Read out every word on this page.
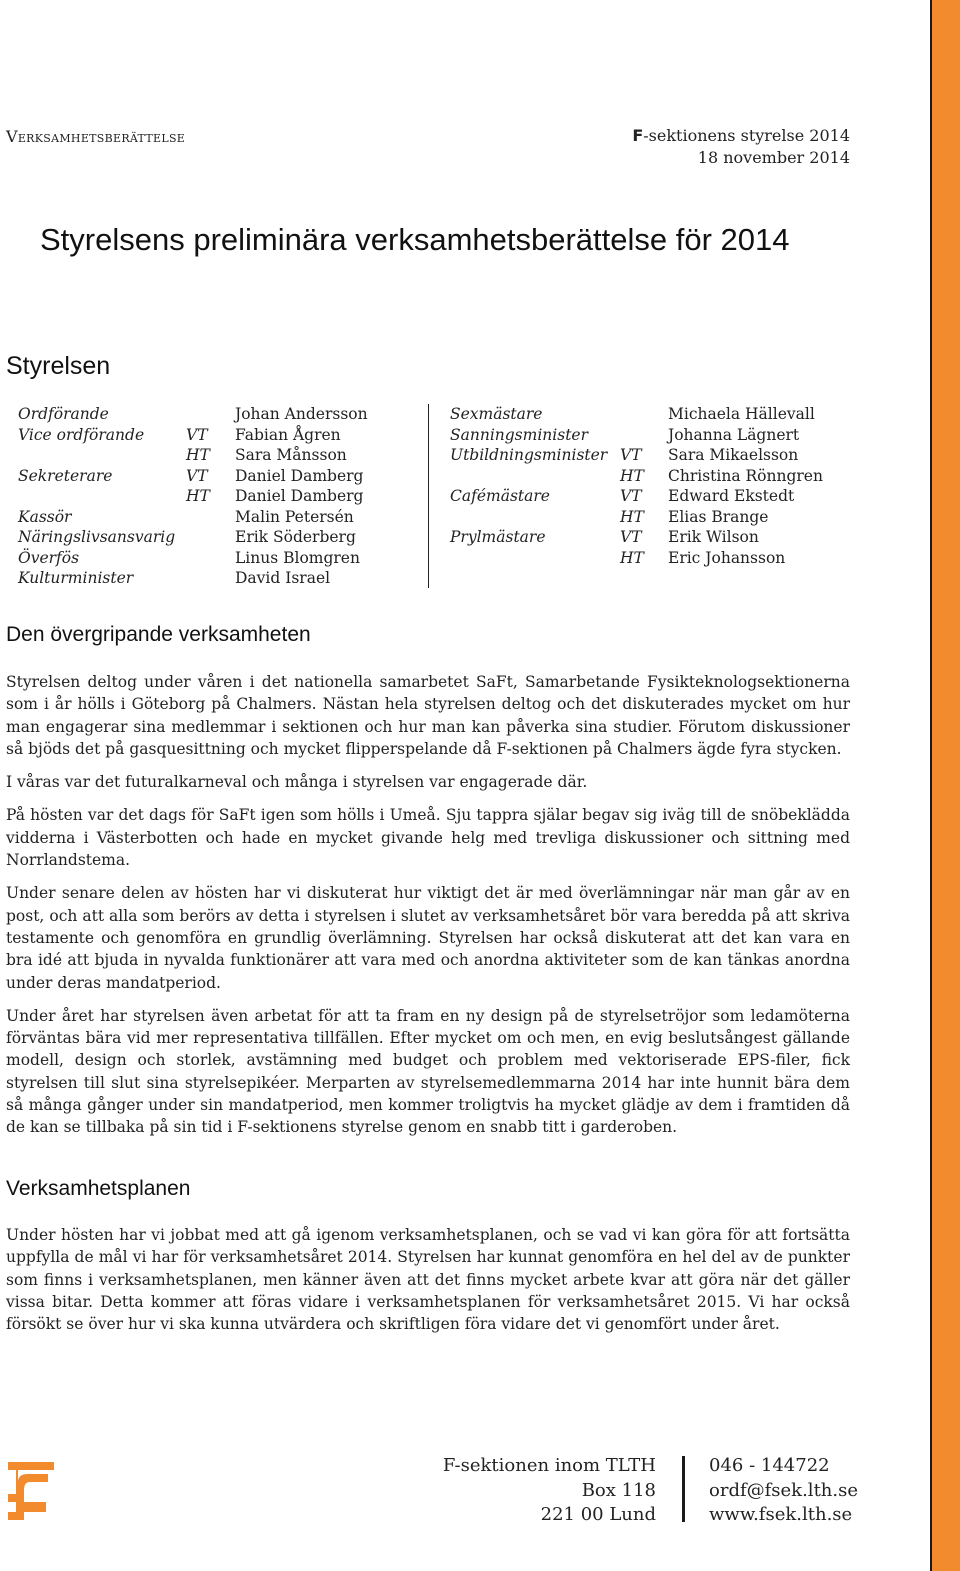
Verksamhetsberättelse	F-sektionens styrelse 2014
18 november 2014
Styrelsens preliminära verksamhetsberättelse för 2014
Styrelsen
Ordförande
Vice ordförande
Sekreterare
Kassör
Näringslivsansvarig
Överfös
Kulturminister
VT
HT
VT
HT
Johan Andersson
Fabian Ågren
Sara Månsson
Daniel Damberg
Daniel Damberg
Malin Petersén
Erik Söderberg
Linus Blomgren
David Israel
Sexmästare
Sanningsminister
Utbildningsminister
Cafémästare
Prylmästare
VT
HT
VT
HT
VT
HT
Michaela Hällevall
Johanna Lägnert
Sara Mikaelsson
Christina Rönngren
Edward Ekstedt
Elias Brange
Erik Wilson
Eric Johansson
Den övergripande verksamheten

Styrelsen deltog under våren i det nationella samarbetet SaFt, Samarbetande Fysikteknologsektionerna som i år hölls i Göteborg på Chalmers. Nästan hela styrelsen deltog och det diskuterades mycket om hur man engagerar sina medlemmar i sektionen och hur man kan påverka sina studier. Förutom diskussioner så bjöds det på gasquesittning och mycket flipperspelande då F-sektionen på Chalmers ägde fyra stycken.

I våras var det futuralkarneval och många i styrelsen var engagerade där.

På hösten var det dags för SaFt igen som hölls i Umeå. Sju tappra själar begav sig iväg till de snöbeklädda vidderna i Västerbotten och hade en mycket givande helg med trevliga diskussioner och sittning med Norrlandstema.

Under senare delen av hösten har vi diskuterat hur viktigt det är med överlämningar när man går av en post, och att alla som berörs av detta i styrelsen i slutet av verksamhetsåret bör vara beredda på att skriva testamente och genomföra en grundlig överlämning. Styrelsen har också diskuterat att det kan vara en bra idé att bjuda in nyvalda funktionärer att vara med och anordna aktiviteter som de kan tänkas anordna under deras mandatperiod.

Under året har styrelsen även arbetat för att ta fram en ny design på de styrelsetröjor som ledamöterna förväntas bära vid mer representativa tillfällen. Efter mycket om och men, en evig beslutsångest gällande modell, design och storlek, avstämning med budget och problem med vektoriserade EPS-filer, fick styrelsen till slut sina styrelsepikéer. Merparten av styrelsemedlemmarna 2014 har inte hunnit bära dem så många gånger under sin mandatperiod, men kommer troligtvis ha mycket glädje av dem i framtiden då de kan se tillbaka på sin tid i F-sektionens styrelse genom en snabb titt i garderoben.

Verksamhetsplanen

Under hösten har vi jobbat med att gå igenom verksamhetsplanen, och se vad vi kan göra för att fortsätta uppfylla de mål vi har för verksamhetsåret 2014. Styrelsen har kunnat genomföra en hel del av de punkter som finns i verksamhetsplanen, men känner även att det finns mycket arbete kvar att göra när det gäller vissa bitar. Detta kommer att föras vidare i verksamhetsplanen för verksamhetsåret 2015. Vi har också försökt se över hur vi ska kunna utvärdera och skriftligen föra vidare det vi genomfört under året.

F-sektionen inom TLTH
Box 118
221 00 Lund
046 - 144722
ordf@fsek.lth.se
www.fsek.lth.se
